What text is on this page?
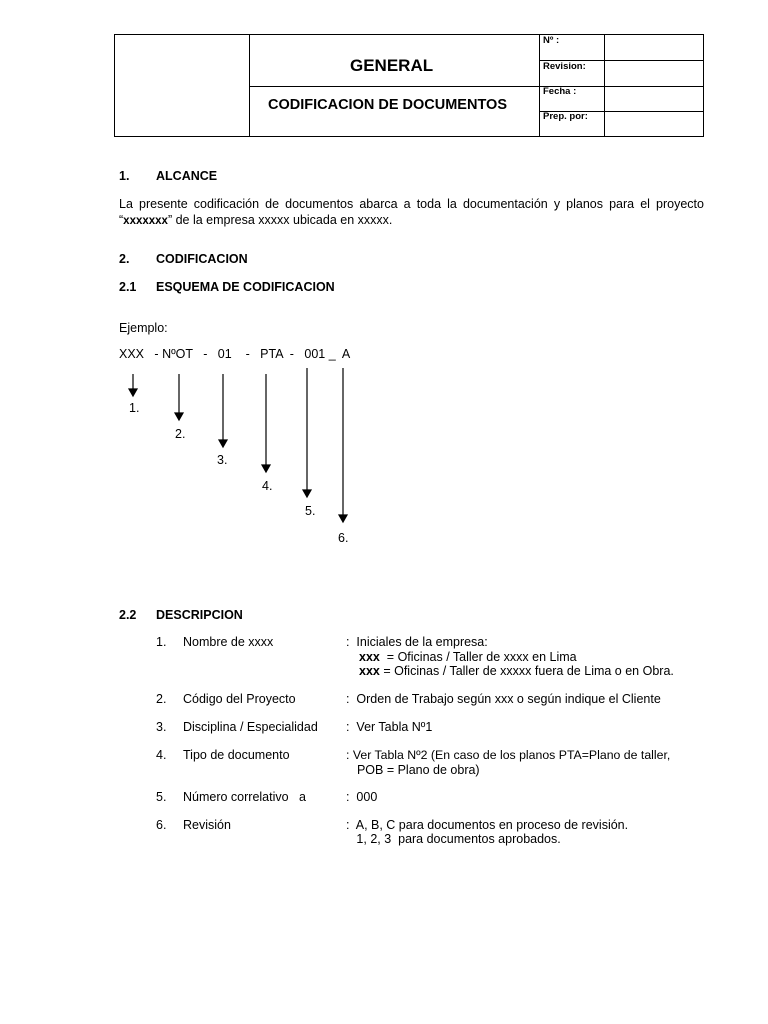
GENERAL
CODIFICACION DE DOCUMENTOS
Nº :
Revision:
Fecha :
Prep. por:
1. ALCANCE
La presente codificación de documentos abarca a toda la documentación y planos para el proyecto
“xxxxxxx” de la empresa xxxxx ubicada en xxxxx.
2. CODIFICACION
2.1 ESQUEMA DE CODIFICACION
Ejemplo:
XXX   - NºOT   -   01    -   PTA  -   001 _  A
1.
2.
3.
4.
5.
6.
2.2 DESCRIPCION
1. Nombre de xxxx	:  Iniciales de la empresa:
xxx  = Oficinas / Taller de xxxx en Lima
xxx = Oficinas / Taller de xxxxx fuera de Lima o en Obra.
2. Código del Proyecto	:  Orden de Trabajo según xxx o según indique el Cliente
3. Disciplina / Especialidad :  Ver Tabla Nº1
4. Tipo de documento	: Ver Tabla Nº2 (En caso de los planos PTA=Plano de taller,
POB = Plano de obra)
5. Número correlativo   a	:  000
6. Revisión	:  A, B, C para documentos en proceso de revisión.
1, 2, 3  para documentos aprobados.
